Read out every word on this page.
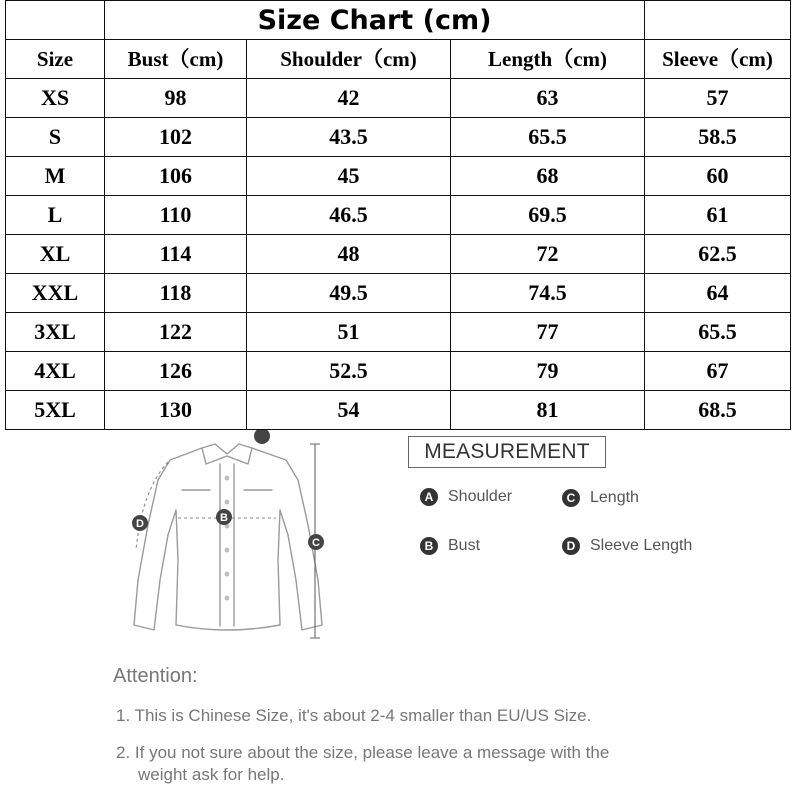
	Size Chart (cm)			
Size	Bust（cm)	Shoulder（cm)	Length（cm)	Sleeve（cm)
XS	98	42	63	57
S	102	43.5	65.5	58.5
M	106	45	68	60
L	110	46.5	69.5	61
XL	114	48	72	62.5
XXL	118	49.5	74.5	64
3XL	122	51	77	65.5
4XL	126	52.5	79	67
5XL	130	54	81	68.5
B
C
D
MEASUREMENT
A Shoulder
B Bust
C Length
D Sleeve Length
Attention:
1. This is Chinese Size, it's about 2-4 smaller than EU/US Size.
2. If you not sure about the size, please leave a message with the
weight ask for help.
